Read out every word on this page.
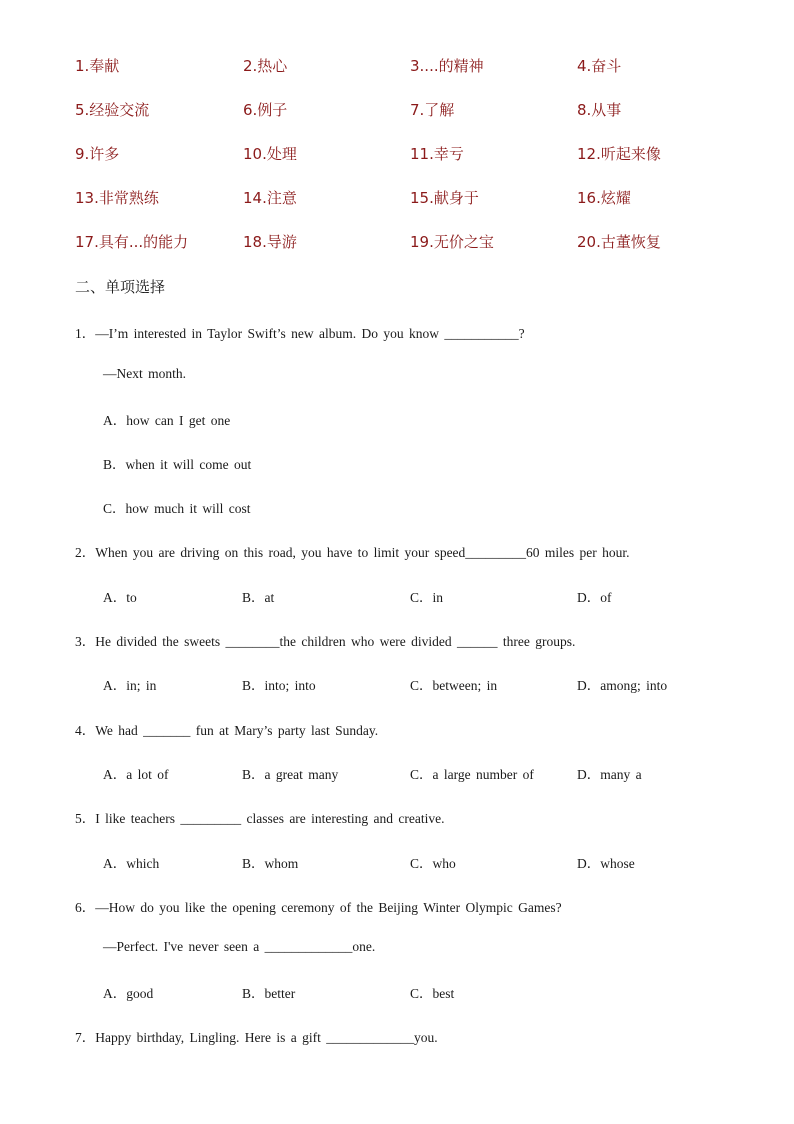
1.奉献	2.热心	3....的精神	4.奋斗
5.经验交流	6.例子	7.了解	8.从事
9.许多	10.处理	11.幸亏	12.听起来像
13.非常熟练	14.注意	15.献身于	16.炫耀
17.具有...的能力	18.导游	19.无价之宝	20.古董恢复
二、单项选择
1．—I’m interested in Taylor Swift’s new album. Do you know ___________?
—Next month.
A．how can I get one
B．when it will come out
C．how much it will cost
2．When you are driving on this road, you have to limit your speed_________60 miles per hour.
A．to	B．at	C．in	D．of
3．He divided the sweets ________the children who were divided ______ three groups.
A．in; in	B．into; into	C．between; in	D．among; into
4．We had _______ fun at Mary’s party last Sunday.
A．a lot of	B．a great many	C．a large number of	D．many a
5．I like teachers _________ classes are interesting and creative.
A．which	B．whom	C．who	D．whose
6．—How do you like the opening ceremony of the Beijing Winter Olympic Games?
—Perfect. I've never seen a _____________one.
A．good	B．better	C．best
7．Happy birthday, Lingling. Here is a gift _____________you.
